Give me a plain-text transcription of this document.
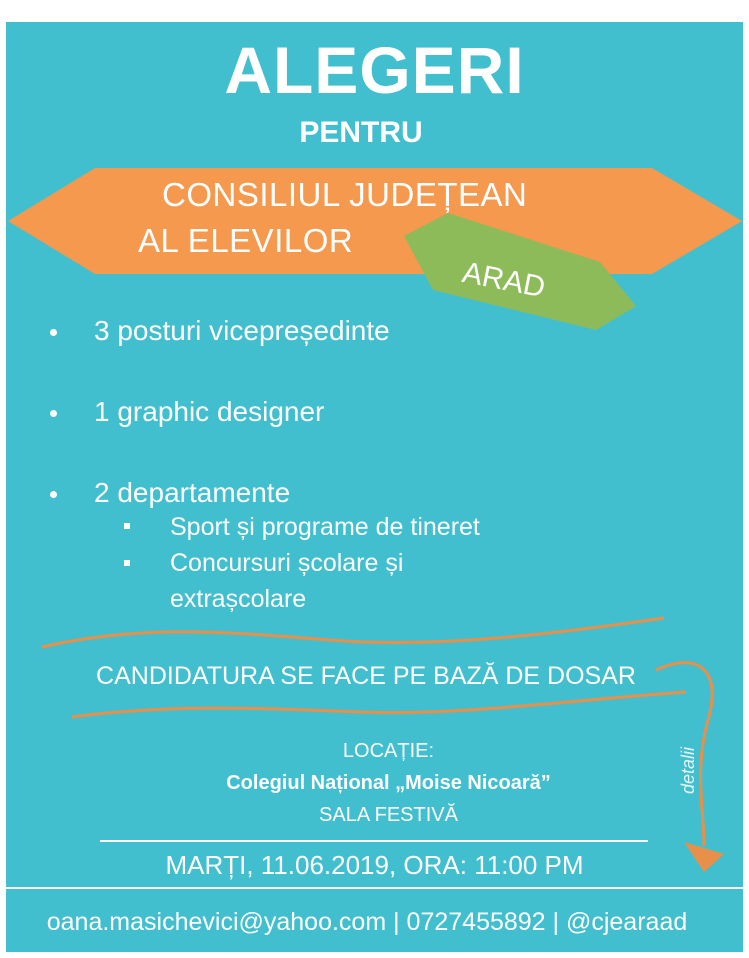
ALEGERI
PENTRU
CONSILIUL JUDEȚEAN
AL ELEVILOR
ARAD
3 posturi vicepreședinte
1 graphic designer
2 departamente
Sport și programe de tineret
Concursuri școlare și
extrașcolare
CANDIDATURA SE FACE PE BAZĂ DE DOSAR
detalii
LOCAȚIE:
Colegiul Național „Moise Nicoară”
SALA FESTIVĂ
MARȚI, 11.06.2019, ORA: 11:00 PM
oana.masichevici@yahoo.com | 0727455892 | @cjearaad
